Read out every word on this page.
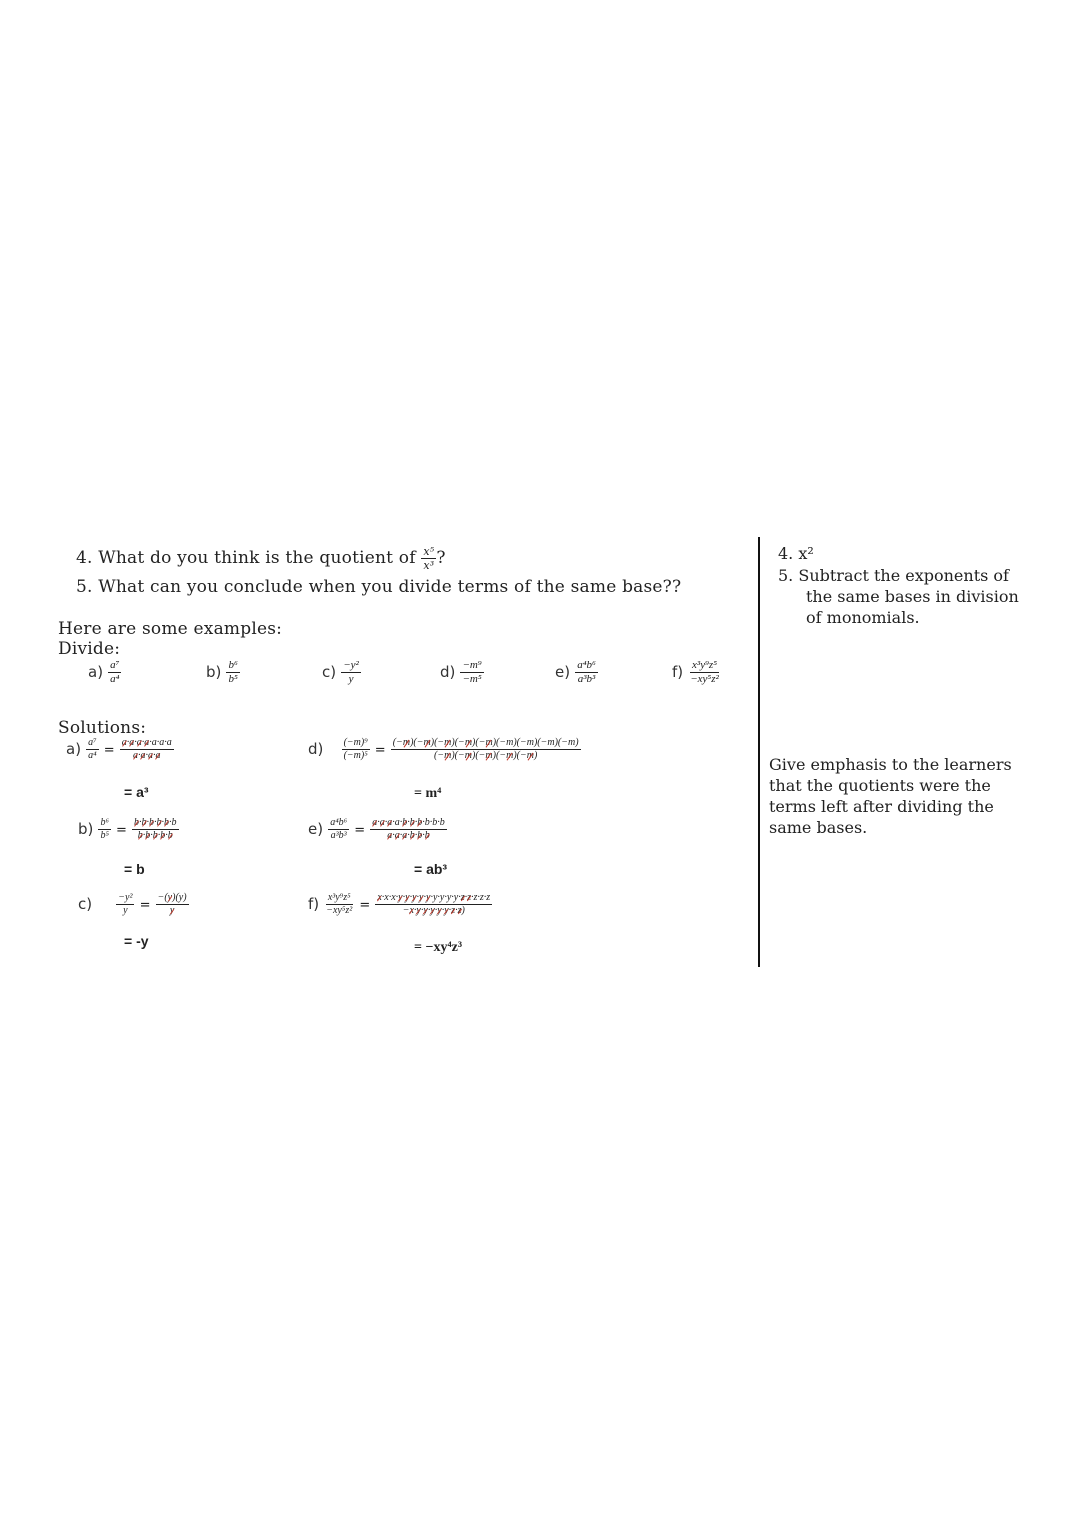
4. What do you think is the quotient of $\frac{\text{x⁵}}{\text{x³}}$ ?
5. What can you conclude when you divide terms of the same base??
Here are some examples:
Divide:
$a) \frac{\text{a⁷}}{\text{a⁴}}$	$b) \frac{\text{b⁶}}{\text{b⁵}}$	$c) \frac{\text{−y²}}{y}$	$d) \frac{\text{−m⁹}}{\text{−m⁵}}$	$e) \frac{\text{a⁴b⁶}}{\text{a³b³}}$	$f) \frac{\text{x³y⁹z⁵}}{\text{−xy⁵z²}}$
Solutions:
$a) \frac{\text{a⁷}}{\text{a⁴}} = \frac{a\cdot a\cdot a\cdot a\cdot a\cdot a\cdot a}{a\cdot a\cdot a\cdot a}$
= a³
$b) \frac{\text{b⁶}}{\text{b⁵}} = \frac{b\cdot b\cdot b\cdot b\cdot b\cdot b}{b\cdot b\cdot b\cdot b\cdot b}$
= b
$c) \frac{\text{−y²}}{y} = \frac{-(y)(y)}{y}$
= -y
$d) \frac{\text{(−m)⁹}}{\text{(−m)⁵}} = \frac{(-m)(-m)(-m)(-m)(-m)(-m)(-m)(-m)(-m)}{(-m)(-m)(-m)(-m)(-m)}$
= m⁴
$e) \frac{\text{a⁴b⁶}}{\text{a³b³}} = \frac{a\cdot a\cdot a\cdot a\cdot b\cdot b\cdot b\cdot b\cdot b\cdot b}{a\cdot a\cdot a\cdot b\cdot b\cdot b}$
= ab³
$f) \frac{\text{x³y⁹z⁵}}{\text{−xy⁵z²}} = \frac{x\cdot x\cdot x\cdot y\cdot y\cdot y\cdot y\cdot y\cdot y\cdot y\cdot y\cdot y\cdot z\cdot z\cdot z\cdot z\cdot z}{-x\cdot y\cdot y\cdot y\cdot y\cdot y\cdot z\cdot z)}$
= −xy⁴z³
4. x²
5. Subtract the exponents of
the same bases in division
of monomials.
Give emphasis to the learners
that the quotients were the
terms left after dividing the
same bases.
